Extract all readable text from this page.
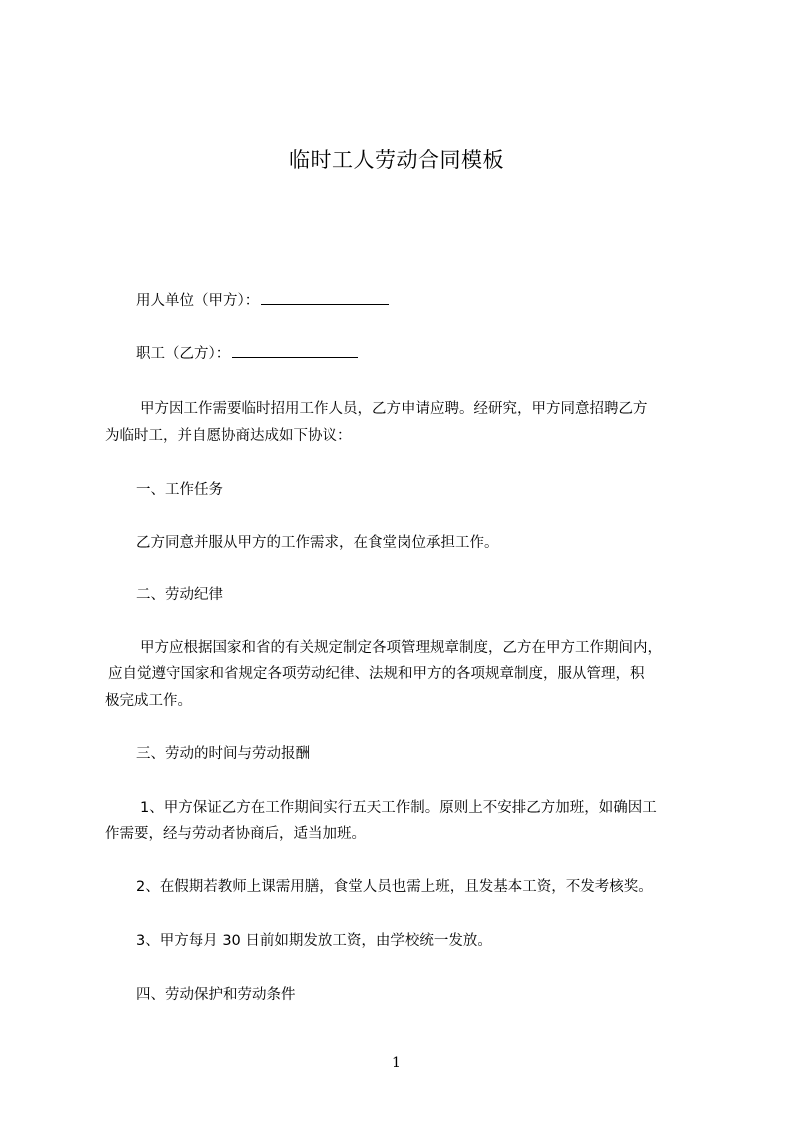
临时工人劳动合同模板
用人单位（甲方）：
职工（乙方）：
甲方因工作需要临时招用工作人员，乙方申请应聘。经研究，甲方同意招聘乙方
为临时工，并自愿协商达成如下协议：
一、工作任务
乙方同意并服从甲方的工作需求，在食堂岗位承担工作。
二、劳动纪律
甲方应根据国家和省的有关规定制定各项管理规章制度，乙方在甲方工作期间内，
应自觉遵守国家和省规定各项劳动纪律、法规和甲方的各项规章制度，服从管理，积
极完成工作。
三、劳动的时间与劳动报酬
1、甲方保证乙方在工作期间实行五天工作制。原则上不安排乙方加班，如确因工
作需要，经与劳动者协商后，适当加班。
2、在假期若教师上课需用膳，食堂人员也需上班，且发基本工资，不发考核奖。
3、甲方每月 30 日前如期发放工资，由学校统一发放。
四、劳动保护和劳动条件
1
